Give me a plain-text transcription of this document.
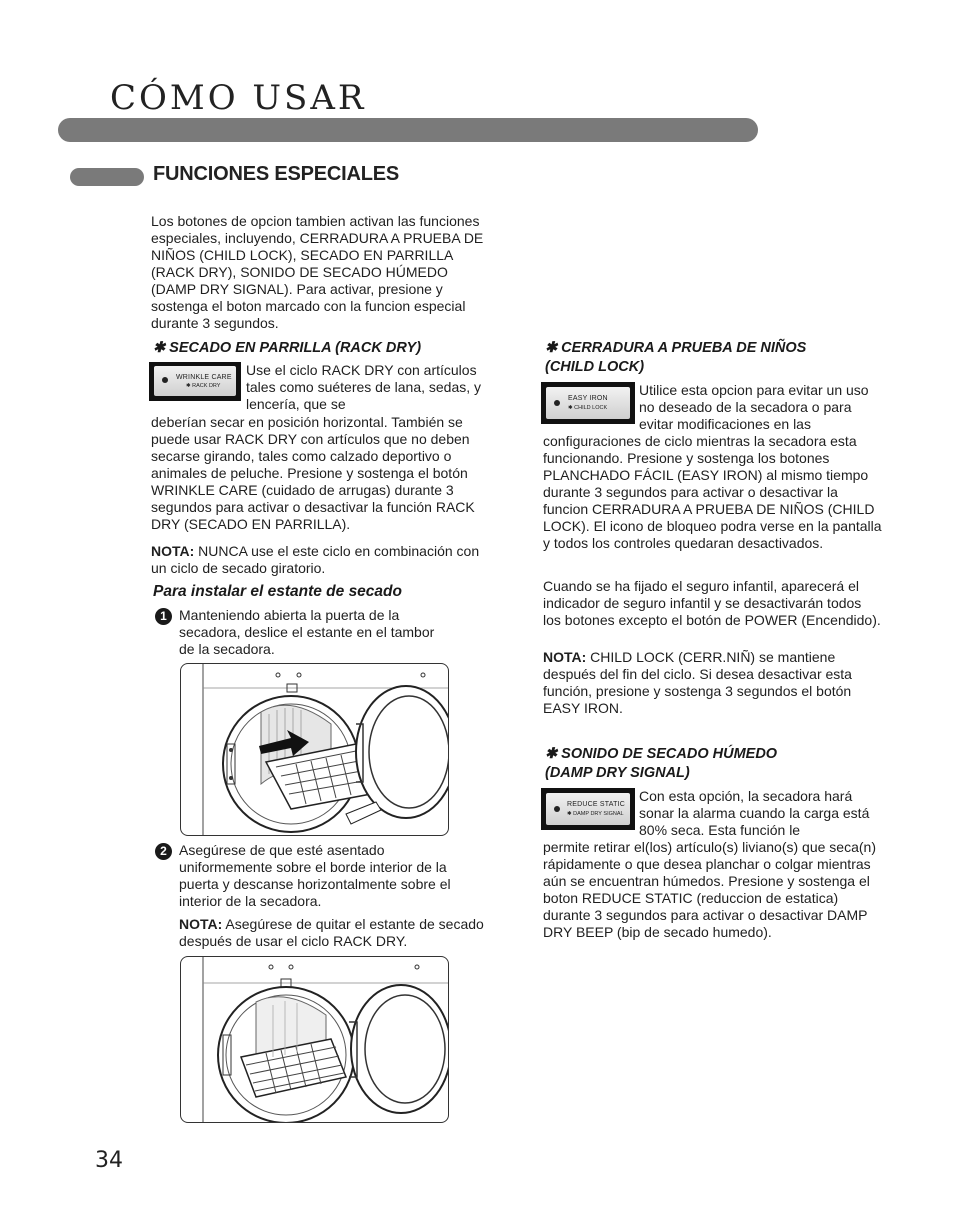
CÓMO USAR
FUNCIONES ESPECIALES
Los botones de opcion tambien activan las funciones especiales, incluyendo, CERRADURA A PRUEBA DE NIÑOS (CHILD LOCK), SECADO EN PARRILLA (RACK DRY), SONIDO DE SECADO HÚMEDO (DAMP DRY SIGNAL). Para activar, presione y sostenga el boton marcado con la funcion especial durante 3 segundos.
✱ SECADO EN PARRILLA (RACK DRY)
WRINKLE CARE
✱ RACK DRY
Use el ciclo RACK DRY con artículos tales como suéteres de lana, sedas, y lencería, que se
deberían secar en posición horizontal. También se puede usar RACK DRY con artículos que no deben secarse girando, tales como calzado deportivo o animales de peluche. Presione y sostenga el botón WRINKLE CARE (cuidado de arrugas) durante 3 segundos para activar o desactivar la función RACK DRY (SECADO EN PARRILLA).
NOTA: NUNCA use el este ciclo en combinación con un ciclo de secado giratorio.
Para instalar el estante de secado
1 Manteniendo abierta la puerta de la secadora, deslice el estante en el tambor de la secadora.
2 Asegúrese de que esté asentado uniformemente sobre el borde interior de la puerta y descanse horizontalmente sobre el interior de la secadora.
NOTA: Asegúrese de quitar el estante de secado después de usar el ciclo RACK DRY.
✱ CERRADURA A PRUEBA DE NIÑOS
(CHILD LOCK)
EASY IRON
✱ CHILD LOCK
Utilice esta opcion para evitar un uso no deseado de la secadora o para evitar modificaciones en las
configuraciones de ciclo mientras la secadora esta funcionando. Presione y sostenga los botones PLANCHADO FÁCIL (EASY IRON) al mismo tiempo durante 3 segundos para activar o desactivar la funcion CERRADURA A PRUEBA DE NIÑOS (CHILD LOCK). El icono de bloqueo podra verse en la pantalla y todos los controles quedaran desactivados.
Cuando se ha fijado el seguro infantil, aparecerá el indicador de seguro infantil y se desactivarán todos los botones excepto el botón de POWER (Encendido).
NOTA: CHILD LOCK (CERR.NIÑ) se mantiene después del fin del ciclo. Si desea desactivar esta función, presione y sostenga 3 segundos el botón EASY IRON.
✱ SONIDO DE SECADO HÚMEDO
(DAMP DRY SIGNAL)
REDUCE STATIC
✱ DAMP DRY SIGNAL
Con esta opción, la secadora hará sonar la alarma cuando la carga está 80% seca. Esta función le
permite retirar el(los) artículo(s) liviano(s) que seca(n) rápidamente o que desea planchar o colgar mientras aún se encuentran húmedos. Presione y sostenga el boton REDUCE STATIC (reduccion de estatica) durante 3 segundos para activar o desactivar DAMP DRY BEEP (bip de secado humedo).
34
